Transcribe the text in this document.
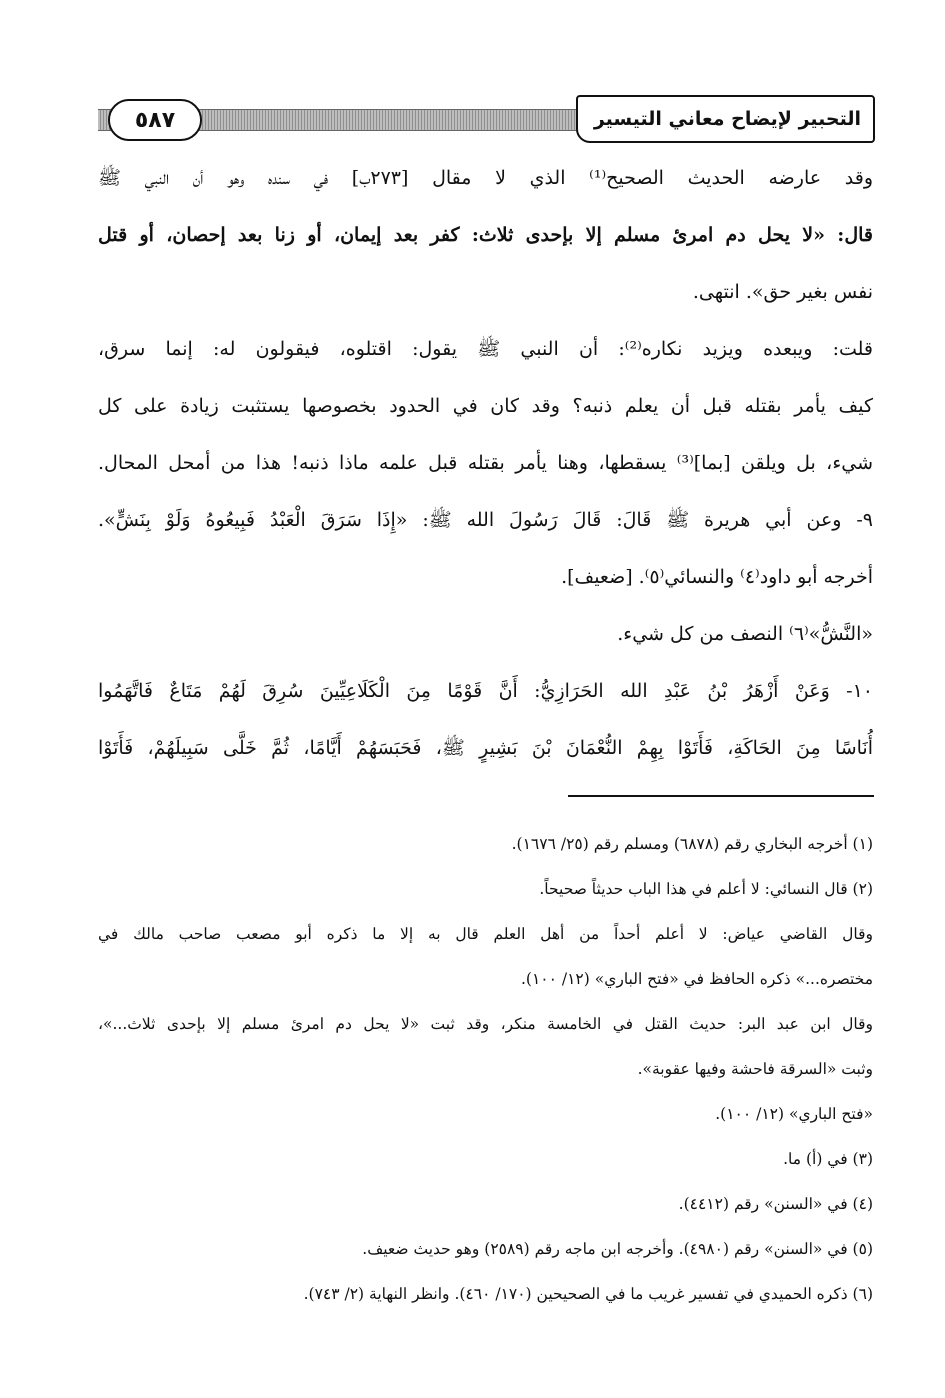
٥٨٧	التحبير لإيضاح معاني التيسير
وقد عارضه الحديث الصحيح⁽¹⁾ الذي لا مقال [٢٧٣ب] في سنده وهو أن النبي ﷺ
قال: «لا يحل دم امرئ مسلم إلا بإحدى ثلاث: كفر بعد إيمان، أو زنا بعد إحصان، أو قتل
نفس بغير حق». انتهى.
قلت: ويبعده ويزيد نكاره⁽²⁾: أن النبي ﷺ يقول: اقتلوه، فيقولون له: إنما سرق،
كيف يأمر بقتله قبل أن يعلم ذنبه؟ وقد كان في الحدود بخصوصها يستثبت زيادة على كل
شيء، بل ويلقن [بما]⁽³⁾ يسقطها، وهنا يأمر بقتله قبل علمه ماذا ذنبه! هذا من أمحل المحال.
٩- وعن أبي هريرة ﷺ قَالَ: قَالَ رَسُولَ الله ﷺ: «إِذَا سَرَقَ الْعَبْدُ فَبِيعُوهُ وَلَوْ بِنَشٍّ».
أخرجه أبو داود⁽٤⁾ والنسائي⁽٥⁾. [ضعيف].
«النَّشُّ»⁽٦⁾ النصف من كل شيء.
١٠- وَعَنْ أَزْهَرُ بْنُ عَبْدِ الله الحَرَازِيُّ: أَنَّ قَوْمًا مِنَ الْكَلَاعِيِّينَ سُرِقَ لَهُمْ مَتَاعٌ فَاتَّهَمُوا
أُنَاسًا مِنَ الحَاكَةِ، فَأَتَوْا بِهِمْ النُّعْمَانَ بْنَ بَشِيرٍ ﷺ، فَحَبَسَهُمْ أَيَّامًا، ثُمَّ خَلَّى سَبِيلَهُمْ، فَأَتَوْا
(١) أخرجه البخاري رقم (٦٨٧٨) ومسلم رقم (٢٥/ ١٦٧٦).
(٢) قال النسائي: لا أعلم في هذا الباب حديثاً صحيحاً.
وقال القاضي عياض: لا أعلم أحداً من أهل العلم قال به إلا ما ذكره أبو مصعب صاحب مالك في
مختصره...» ذكره الحافظ في «فتح الباري» (١٢/ ١٠٠).
وقال ابن عبد البر: حديث القتل في الخامسة منكر، وقد ثبت «لا يحل دم امرئ مسلم إلا بإحدى ثلاث...»،
وثبت «السرقة فاحشة وفيها عقوبة».
«فتح الباري» (١٢/ ١٠٠).
(٣) في (أ) ما.
(٤) في «السنن» رقم (٤٤١٢).
(٥) في «السنن» رقم (٤٩٨٠). وأخرجه ابن ماجه رقم (٢٥٨٩) وهو حديث ضعيف.
(٦) ذكره الحميدي في تفسير غريب ما في الصحيحين (١٧٠/ ٤٦٠). وانظر النهاية (٢/ ٧٤٣).
